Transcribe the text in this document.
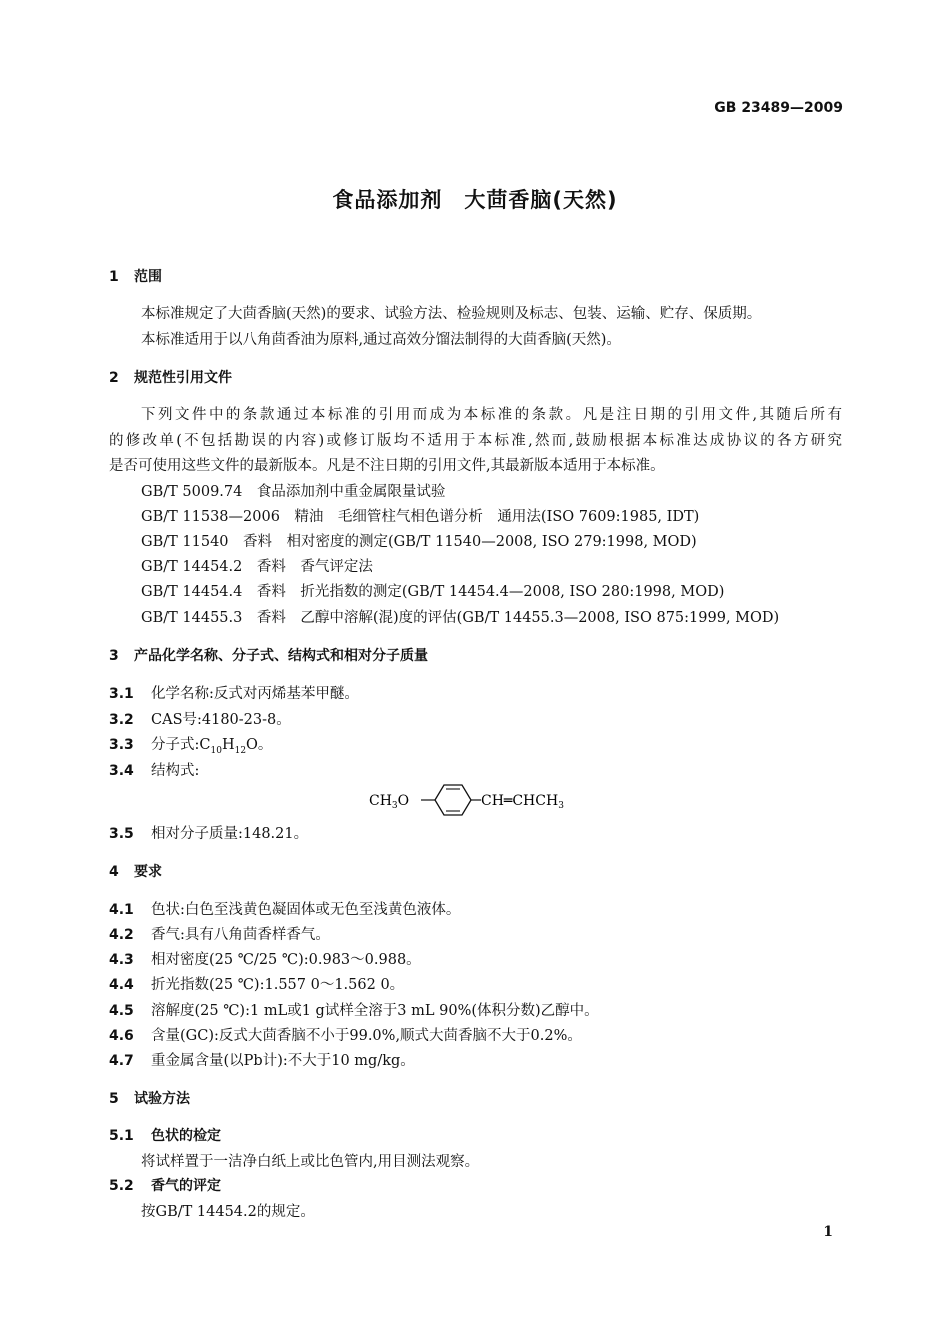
GB 23489—2009
食品添加剂　大茴香脑(天然)
1 范围
本标准规定了大茴香脑(天然)的要求、试验方法、检验规则及标志、包装、运输、贮存、保质期。
本标准适用于以八角茴香油为原料,通过高效分馏法制得的大茴香脑(天然)。
2 规范性引用文件
下列文件中的条款通过本标准的引用而成为本标准的条款。凡是注日期的引用文件,其随后所有
的修改单(不包括勘误的内容)或修订版均不适用于本标准,然而,鼓励根据本标准达成协议的各方研究
是否可使用这些文件的最新版本。凡是不注日期的引用文件,其最新版本适用于本标准。
GB/T 5009.74　食品添加剂中重金属限量试验
GB/T 11538—2006　精油　毛细管柱气相色谱分析　通用法(ISO 7609:1985, IDT)
GB/T 11540　香料　相对密度的测定(GB/T 11540—2008, ISO 279:1998, MOD)
GB/T 14454.2　香料　香气评定法
GB/T 14454.4　香料　折光指数的测定(GB/T 14454.4—2008, ISO 280:1998, MOD)
GB/T 14455.3　香料　乙醇中溶解(混)度的评估(GB/T 14455.3—2008, ISO 875:1999, MOD)
3 产品化学名称、分子式、结构式和相对分子质量
3.1 化学名称:反式对丙烯基苯甲醚。
3.2 CAS号:4180-23-8。
3.3 分子式$:C_{10}H_{12}O$。
3.4 结构式:
$CH_3O$	$CH═CHCH_3$
3.5 相对分子质量:148.21。
4 要求
4.1 色状:白色至浅黄色凝固体或无色至浅黄色液体。
4.2 香气:具有八角茴香样香气。
4.3 相对密度(25 ℃/25 ℃):0.983～0.988。
4.4 折光指数(25 ℃):1.557 0～1.562 0。
4.5 溶解度(25 ℃):1 mL或1 g试样全溶于3 mL 90%(体积分数)乙醇中。
4.6 含量(GC):反式大茴香脑不小于99.0%,顺式大茴香脑不大于0.2%。
4.7 重金属含量(以Pb计):不大于10 mg/kg。
5 试验方法
5.1 色状的检定
将试样置于一洁净白纸上或比色管内,用目测法观察。
5.2 香气的评定
按GB/T 14454.2的规定。
1
